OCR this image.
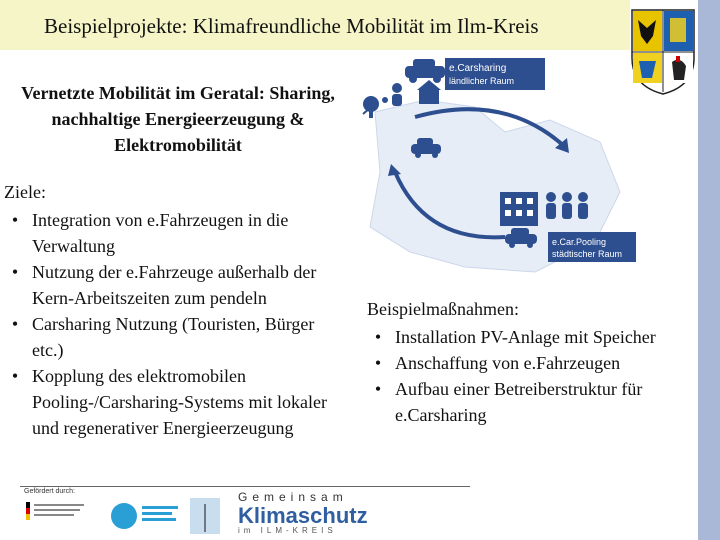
Beispielprojekte: Klimafreundliche Mobilität im Ilm-Kreis
Vernetzte Mobilität im Geratal: Sharing, nachhaltige Energieerzeugung & Elektromobilität
e.Carsharing
ländlicher Raum
e.Car.Pooling
städtischer Raum
Ziele:
• Integration von e.Fahrzeugen in die Verwaltung
• Nutzung der e.Fahrzeuge außerhalb der Kern-Arbeitszeiten zum pendeln
• Carsharing Nutzung (Touristen, Bürger etc.)
• Kopplung des elektromobilen Pooling-/Carsharing-Systems mit lokaler und regenerativer Energieerzeugung
Beispielmaßnahmen:
• Installation PV-Anlage mit Speicher
• Anschaffung von e.Fahrzeugen
• Aufbau einer Betreiberstruktur für e.Carsharing
Gefördert durch:	Gemeinsam
Klimaschutz
im ILM-KREIS
